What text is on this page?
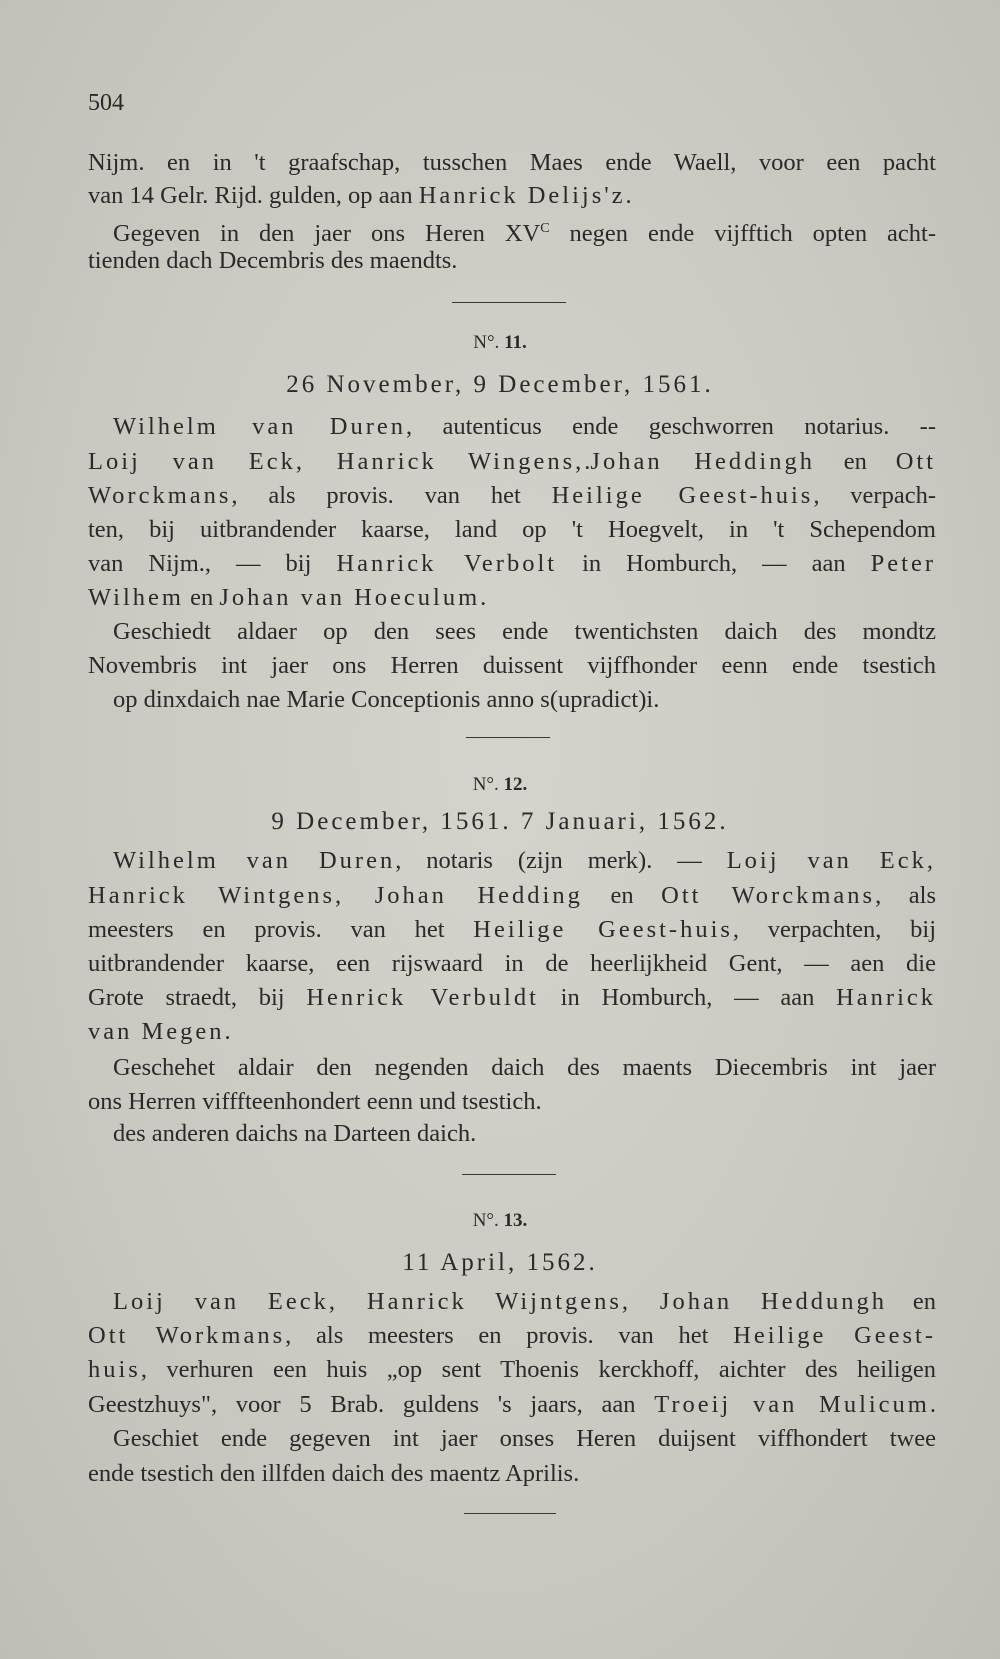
504
Nijm. en in 't graafschap, tusschen Maes ende Waell, voor een pacht
van 14 Gelr. Rijd. gulden, op aan Hanrick Delijs'z.
Gegeven in den jaer ons Heren $XV^C$ negen ende vijfftich opten acht-
tienden dach Decembris des maendts.
N°. 11.
26 November, 9 December, 1561.
Wilhelm van Duren, autenticus ende geschworren notarius. --
Loij van Eck, Hanrick Wingens,.Johan Heddingh en Ott
Worckmans, als provis. van het Heilige Geest-huis, verpach-
ten, bij uitbrandender kaarse, land op 't Hoegvelt, in 't Schependom
van Nijm., — bij Hanrick Verbolt in Homburch, — aan Peter
Wilhem en Johan van Hoeculum.
Geschiedt aldaer op den sees ende twentichsten daich des mondtz
Novembris int jaer ons Herren duissent vijffhonder eenn ende tsestich
op dinxdaich nae Marie Conceptionis anno s(upradict)i.
N°. 12.
9 December, 1561. 7 Januari, 1562.
Wilhelm van Duren, notaris (zijn merk). — Loij van Eck,
Hanrick Wintgens, Johan Hedding en Ott Worckmans, als
meesters en provis. van het Heilige Geest-huis, verpachten, bij
uitbrandender kaarse, een rijswaard in de heerlijkheid Gent, — aen die
Grote straedt, bij Henrick Verbuldt in Homburch, — aan Hanrick
van Megen.
Geschehet aldair den negenden daich des maents Diecembris int jaer
ons Herren vifffteenhondert eenn und tsestich.
des anderen daichs na Darteen daich.
N°. 13.
11 April, 1562.
Loij van Eeck, Hanrick Wijntgens, Johan Heddungh en
Ott Workmans, als meesters en provis. van het Heilige Geest-
huis, verhuren een huis „op sent Thoenis kerckhoff, aichter des heiligen
Geestzhuys", voor 5 Brab. guldens 's jaars, aan Troeij van Mulicum.
Geschiet ende gegeven int jaer onses Heren duijsent viffhondert twee
ende tsestich den illfden daich des maentz Aprilis.
